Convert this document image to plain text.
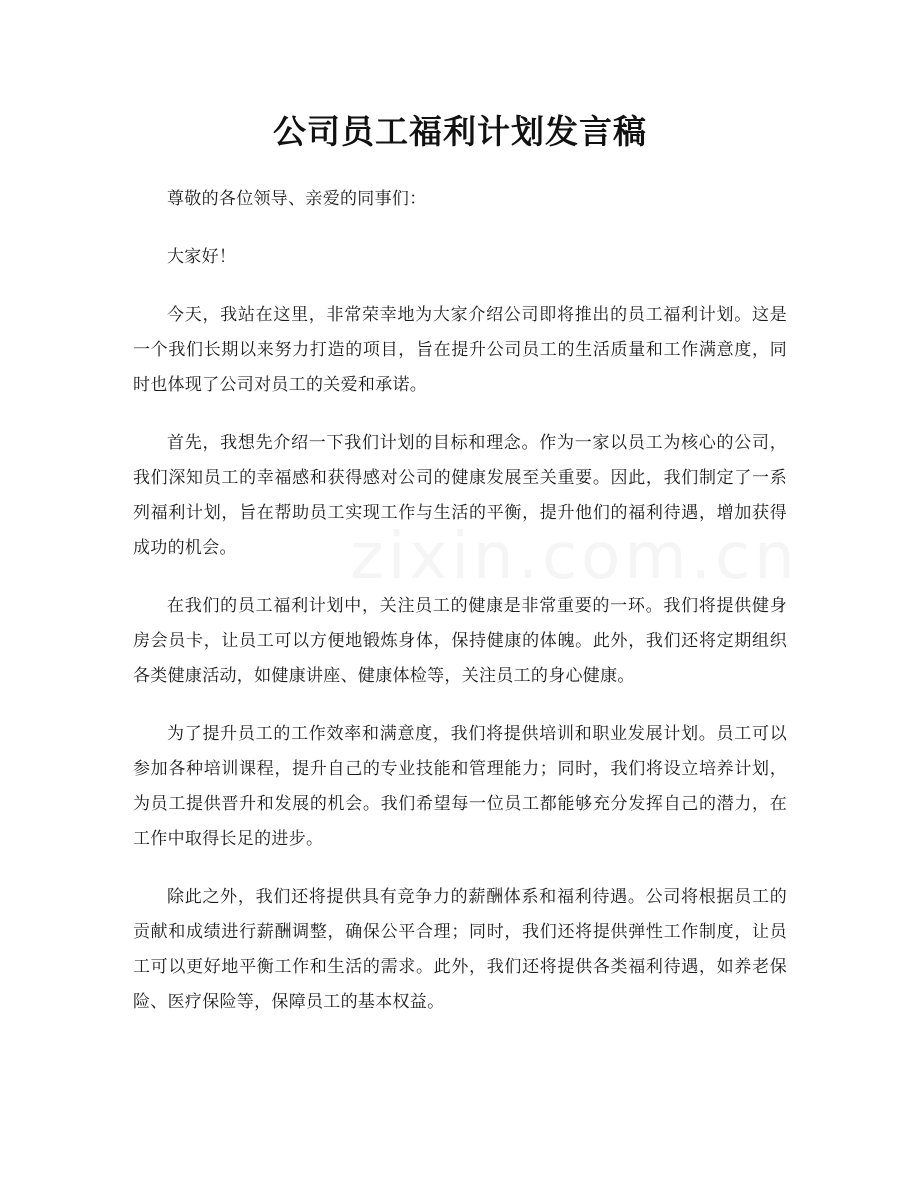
zixin.com.cn
公司员工福利计划发言稿

尊敬的各位领导、亲爱的同事们：

大家好！

今天，我站在这里，非常荣幸地为大家介绍公司即将推出的员工福利计划。这是一个我们长期以来努力打造的项目，旨在提升公司员工的生活质量和工作满意度，同时也体现了公司对员工的关爱和承诺。

首先，我想先介绍一下我们计划的目标和理念。作为一家以员工为核心的公司，我们深知员工的幸福感和获得感对公司的健康发展至关重要。因此，我们制定了一系列福利计划，旨在帮助员工实现工作与生活的平衡，提升他们的福利待遇，增加获得成功的机会。

在我们的员工福利计划中，关注员工的健康是非常重要的一环。我们将提供健身房会员卡，让员工可以方便地锻炼身体，保持健康的体魄。此外，我们还将定期组织各类健康活动，如健康讲座、健康体检等，关注员工的身心健康。

为了提升员工的工作效率和满意度，我们将提供培训和职业发展计划。员工可以参加各种培训课程，提升自己的专业技能和管理能力；同时，我们将设立培养计划，为员工提供晋升和发展的机会。我们希望每一位员工都能够充分发挥自己的潜力，在工作中取得长足的进步。

除此之外，我们还将提供具有竞争力的薪酬体系和福利待遇。公司将根据员工的贡献和成绩进行薪酬调整，确保公平合理；同时，我们还将提供弹性工作制度，让员工可以更好地平衡工作和生活的需求。此外，我们还将提供各类福利待遇，如养老保险、医疗保险等，保障员工的基本权益。
